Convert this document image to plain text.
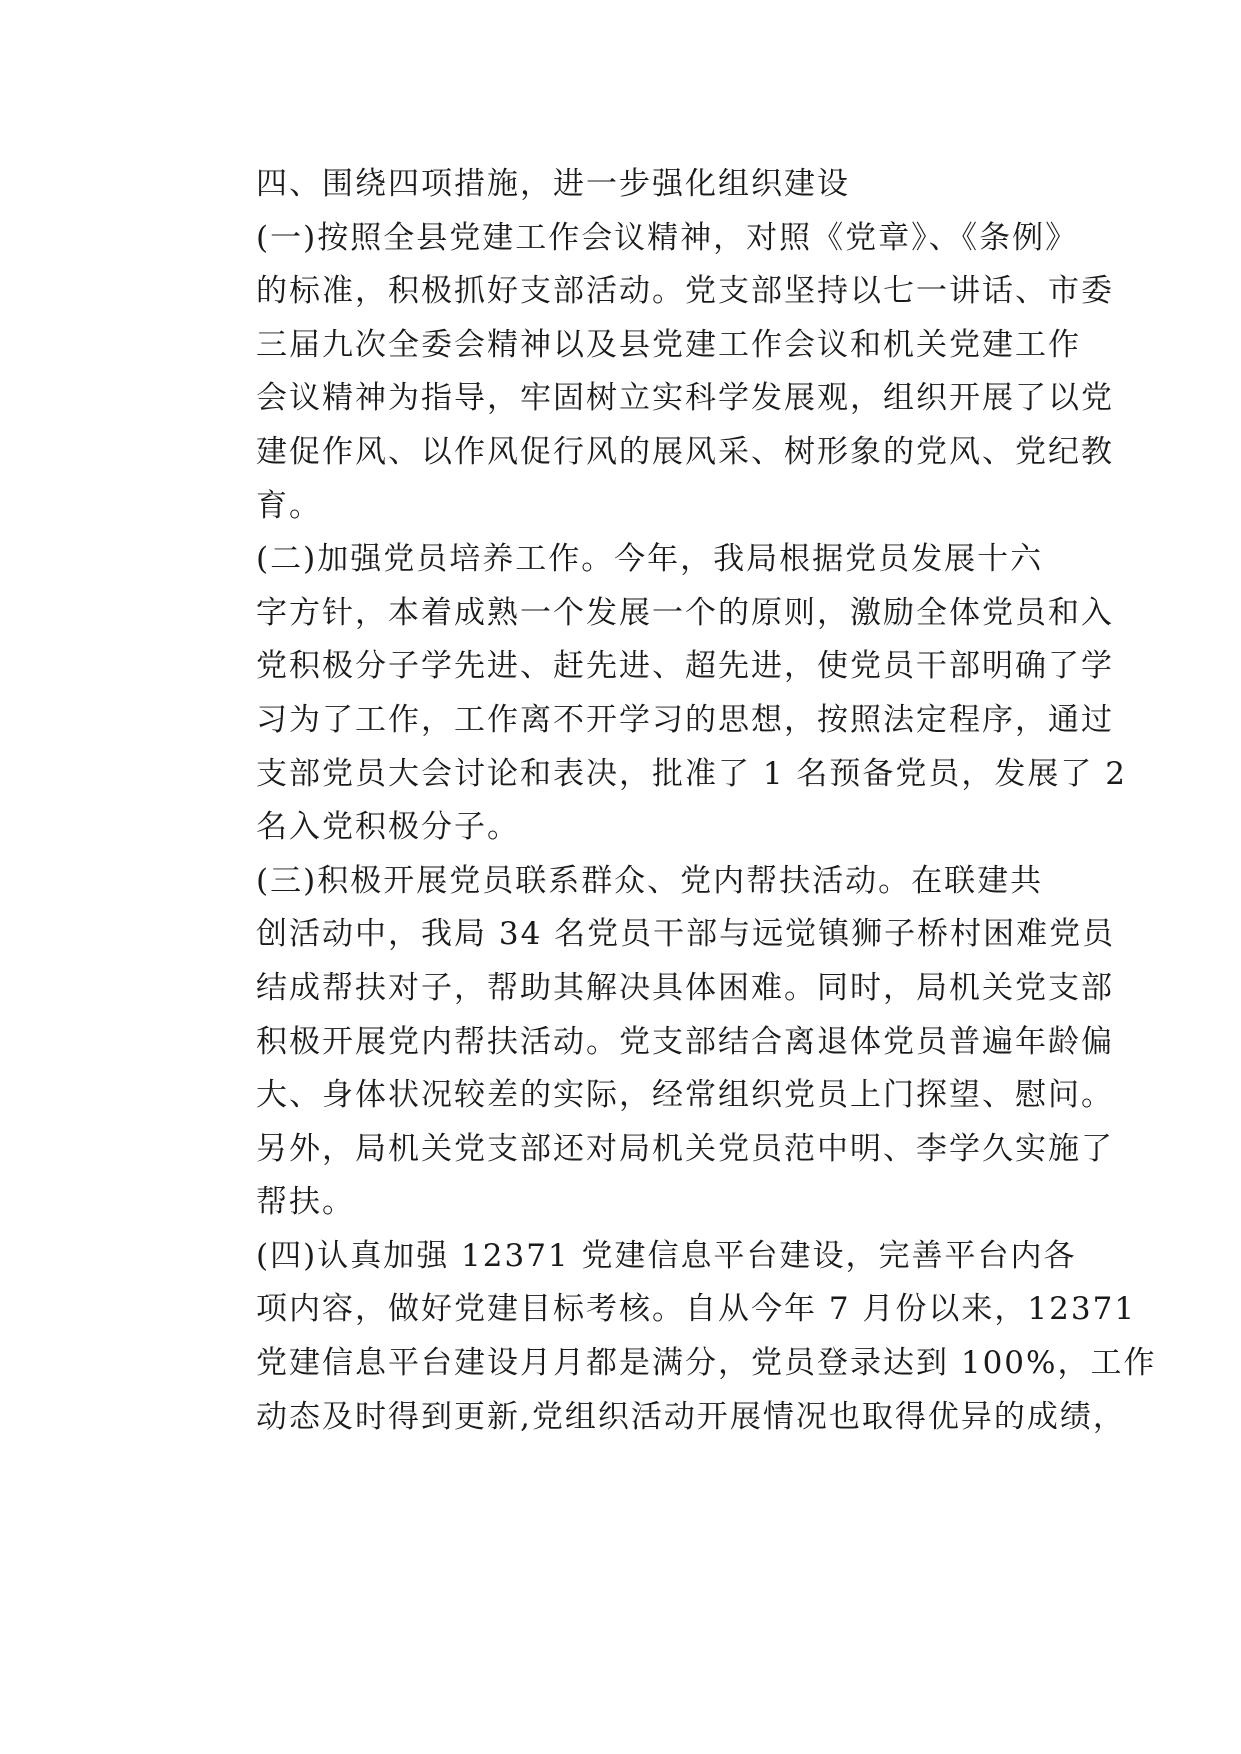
四、围绕四项措施，进一步强化组织建设

(一)按照全县党建工作会议精神，对照《党章》、《条例》
的标准，积极抓好支部活动。党支部坚持以七一讲话、市委
三届九次全委会精神以及县党建工作会议和机关党建工作
会议精神为指导，牢固树立实科学发展观，组织开展了以党
建促作风、以作风促行风的展风采、树形象的党风、党纪教
育。

(二)加强党员培养工作。今年，我局根据党员发展十六
字方针，本着成熟一个发展一个的原则，激励全体党员和入
党积极分子学先进、赶先进、超先进，使党员干部明确了学
习为了工作，工作离不开学习的思想，按照法定程序，通过
支部党员大会讨论和表决，批准了 1 名预备党员，发展了 2
名入党积极分子。

(三)积极开展党员联系群众、党内帮扶活动。在联建共
创活动中，我局 34 名党员干部与远觉镇狮子桥村困难党员
结成帮扶对子，帮助其解决具体困难。同时，局机关党支部
积极开展党内帮扶活动。党支部结合离退体党员普遍年龄偏
大、身体状况较差的实际，经常组织党员上门探望、慰问。
另外，局机关党支部还对局机关党员范中明、李学久实施了
帮扶。

(四)认真加强 12371 党建信息平台建设，完善平台内各
项内容，做好党建目标考核。自从今年 7 月份以来，12371
党建信息平台建设月月都是满分，党员登录达到 100%，工作
动态及时得到更新,党组织活动开展情况也取得优异的成绩，
